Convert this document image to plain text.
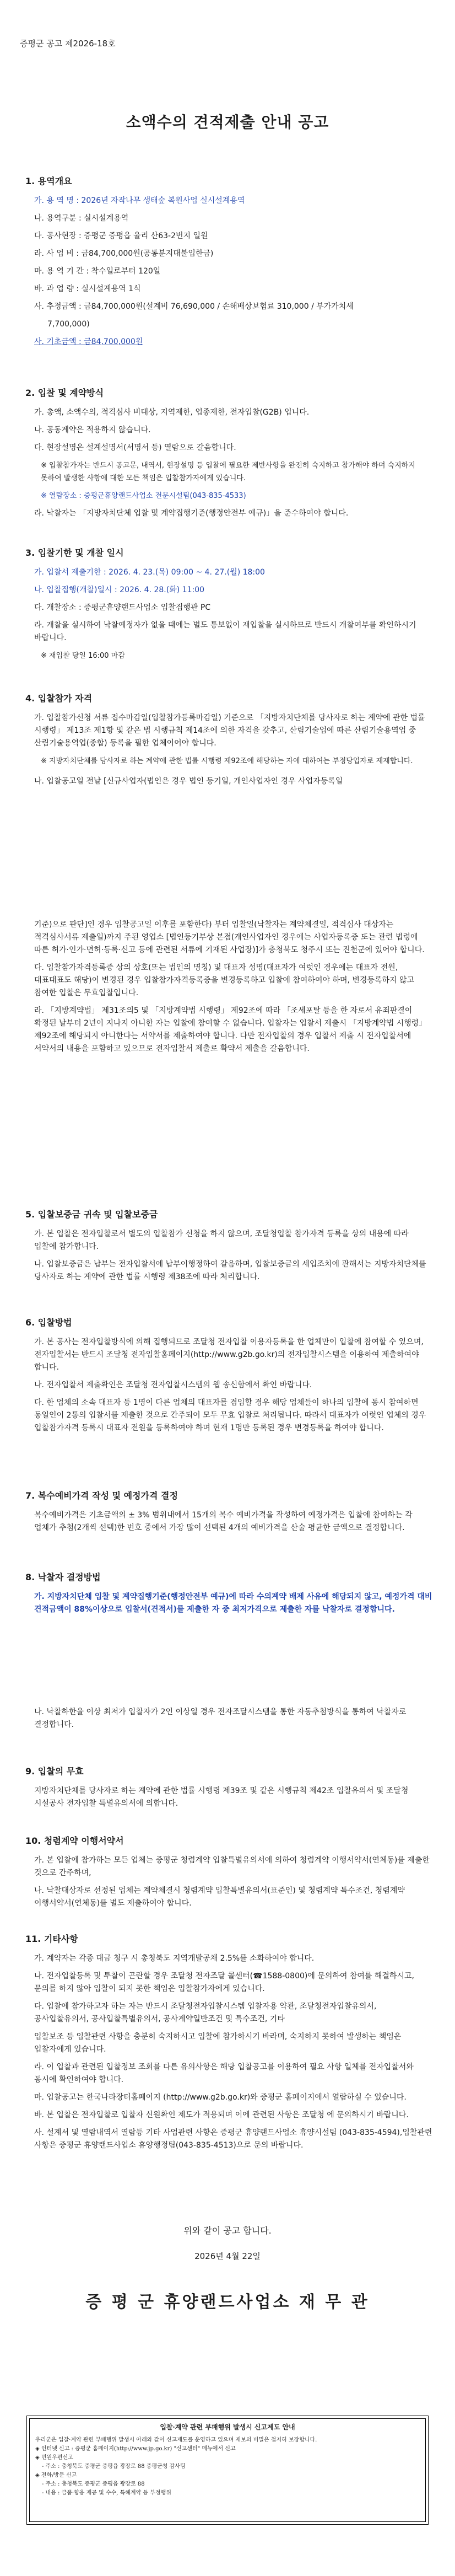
증평군 공고 제2026-18호
소액수의 견적제출 안내 공고
1. 용역개요

가. 용 역 명 : 2026년 자작나무 생태숲 복원사업 실시설계용역

나. 용역구분 : 실시설계용역

다. 공사현장 : 증평군 증평읍 율리 산63-2번지 일원

라. 사 업 비 : 금84,700,000원(공통분지대불입한금)

마. 용 역 기 간 : 착수일로부터 120일

바. 과 업 량 : 실시설계용역 1식

사. 추정금액 : 금84,700,000원(설계비 76,690,000 / 손해배상보험료 310,000 / 부가가치세

7,700,000)

사. 기초금액 : 금84,700,000원

2. 입찰 및 계약방식

가. 총액, 소액수의, 적격심사 비대상, 지역제한, 업종제한, 전자입찰(G2B) 입니다.

나. 공동계약은 적용하지 않습니다.

다. 현장설명은 설계설명서(서명서 등) 열람으로 갈음합니다.

※ 입찰참가자는 반드시 공고문, 내역서, 현장설명 등 입찰에 필요한 제반사항을 완전히 숙지하고 참가해야 하며 숙지하지 못하여 발생한 사항에 대한 모든 책임은 입찰참가자에게 있습니다.

※ 열람장소 : 증평군휴양랜드사업소 전문시설팀(043-835-4533)

라. 낙찰자는 「지방자치단체 입찰 및 계약집행기준(행정안전부 예규)」을 준수하여야 합니다.

3. 입찰기한 및 개찰 일시

가. 입찰서 제출기한 : 2026. 4. 23.(목) 09:00 ~ 4. 27.(월) 18:00

나. 입찰집행(개찰)일시 : 2026. 4. 28.(화) 11:00

다. 개찰장소 : 증평군휴양랜드사업소 입찰집행관 PC

라. 개찰을 실시하여 낙찰예정자가 없을 때에는 별도 통보없이 재입찰을 실시하므로 반드시 개찰여부를 확인하시기 바랍니다.

※ 재입찰 당일 16:00 마감

4. 입찰참가 자격

가. 입찰참가신청 서류 접수마감일(입찰참가등록마감일) 기준으로 「지방자치단체를 당사자로 하는 계약에 관한 법률 시행령」 제13조 제1항 및 같은 법 시행규칙 제14조에 의한 자격을 갖추고, 산림기술업에 따른 산림기술용역업 중 산림기술용역업(종합) 등록을 필한 업체이어야 합니다.

※ 지방자치단체를 당사자로 하는 계약에 관한 법률 시행령 제92조에 해당하는 자에 대하여는 부정당업자로 제재합니다.

나. 입찰공고일 전날 [신규사업자(법인은 경우 법인 등기일, 개인사업자인 경우 사업자등록일

기준)으로 판단]인 경우 입찰공고일 이후를 포함한다) 부터 입찰일(낙찰자는 계약체결일, 적격심사 대상자는 적격심사서류 제출일)까지 주된 영업소 [법인등기부상 본점(개인사업자인 경우에는 사업자등록증 또는 관련 법령에 따른 허가·인가·면허·등록·신고 등에 관련된 서류에 기재된 사업장)]가 충청북도 청주시 또는 진천군에 있어야 합니다.

다. 입찰참가자격등록증 상의 상호(또는 법인의 명칭) 및 대표자 성명(대표자가 여럿인 경우에는 대표자 전원, 대표대표도 해당)이 변경된 경우 입찰참가자격등록증을 변경등록하고 입찰에 참여하여야 하며, 변경등록하지 않고 참여한 입찰은 무효입찰입니다.

라. 「지방계약법」 제31조의5 및 「지방계약법 시행령」 제92조에 따라 「조세포탈 등을 한 자로서 유죄판결이 확정된 날부터 2년이 지나지 아니한 자는 입찰에 참여할 수 없습니다. 입찰자는 입찰서 제출시 「지방계약법 시행령」 제92조에 해당되지 아니한다는 서약서를 제출하여야 합니다. 다만 전자입찰의 경우 입찰서 제출 시 전자입찰서에 서약서의 내용을 포함하고 있으므로 전자입찰서 제출로 확약서 제출을 갈음합니다.

5. 입찰보증금 귀속 및 입찰보증금

가. 본 입찰은 전자입찰로서 별도의 입찰참가 신청을 하지 않으며, 조달청입찰 참가자격 등록을 상의 내용에 따라 입찰에 참가합니다.

나. 입찰보증금은 납부는 전자입찰서에 납부이행정하여 갈음하며, 입찰보증금의 세입조치에 관해서는 지방자치단체를 당사자로 하는 계약에 관한 법률 시행령 제38조에 따라 처리합니다.

6. 입찰방법

가. 본 공사는 전자입찰방식에 의해 집행되므로 조달청 전자입찰 이용자등록을 한 업체만이 입찰에 참여할 수 있으며, 전자입찰서는 반드시 조달청 전자입찰홈페이지(http://www.g2b.go.kr)의 전자입찰시스템을 이용하여 제출하여야 합니다.

나. 전자입찰서 제출확인은 조달청 전자입찰시스템의 웹 송신함에서 확인 바랍니다.

다. 한 업체의 소속 대표자 등 1명이 다른 업체의 대표자를 겸임할 경우 해당 업체들이 하나의 입찰에 동시 참여하면 동일인이 2통의 입찰서를 제출한 것으로 간주되어 모두 무효 입찰로 처리됩니다. 따라서 대표자가 여럿인 업체의 경우 입찰참가자격 등록시 대표자 전원을 등록하여야 하며 현재 1명만 등록된 경우 변경등록을 하여야 합니다.

7. 복수예비가격 작성 및 예정가격 결정

복수예비가격은 기초금액의 ± 3% 범위내에서 15개의 복수 예비가격을 작성하여 예정가격은 입찰에 참여하는 각 업체가 추첨(2개씩 선택)한 번호 중에서 가장 많이 선택된 4개의 예비가격을 산술 평균한 금액으로 결정합니다.

8. 낙찰자 결정방법

가. 지방자치단체 입찰 및 계약집행기준(행정안전부 예규)에 따라 수의계약 배제 사유에 해당되지 않고, 예정가격 대비 견적금액이 88%이상으로 입찰서(견적서)를 제출한 자 중 최저가격으로 제출한 자를 낙찰자로 결정합니다.

나. 낙찰하한율 이상 최저가 입찰자가 2인 이상일 경우 전자조달시스템을 통한 자동추첨방식을 통하여 낙찰자로 결정합니다.

9. 입찰의 무효

지방자치단체를 당사자로 하는 계약에 관한 법률 시행령 제39조 및 같은 시행규칙 제42조 입찰유의서 및 조달청 시설공사 전자입찰 특별유의서에 의합니다.

10. 청렴계약 이행서약서

가. 본 입찰에 참가하는 모든 업체는 증평군 청렴계약 입찰특별유의서에 의하여 청렴계약 이행서약서(연체동)를 제출한 것으로 간주하며,

나. 낙찰대상자로 선정된 업체는 계약체결시 청렴계약 입찰특별유의서(표준인) 및 청렴계약 특수조건, 청렴계약 이행서약서(연체동)를 별도 제출하여야 합니다.

11. 기타사항

가. 계약자는 각종 대금 청구 시 총청북도 지역개발공채 2.5%를 소화하여야 합니다.

나. 전자입찰등록 및 투찰이 곤란할 경우 조달청 전자조달 콜센터(☎1588-0800)에 문의하여 참여를 해결하시고, 문의를 하지 않아 입찰이 되지 못한 책임은 입찰참가자에게 있습니다.

다. 입찰에 참가하고자 하는 자는 반드시 조달청전자입찰시스템 입찰자용 약관, 조달청전자입찰유의서, 공사입찰유의서, 공사입찰특별유의서, 공사계약일반조건 및 특수조건, 기타

입찰보조 등 입찰관련 사항을 충분히 숙지하시고 입찰에 참가하시기 바라며, 숙지하지 못하여 발생하는 책임은 입찰자에게 있습니다.

라. 이 입찰과 관련된 입찰정보 조회를 다른 유의사항은 해당 입찰공고를 이용하여 필요 사항 일체를 전자입찰서와 동시에 확인하여야 합니다.

마. 입찰공고는 한국나라장터홈페이지 (http://www.g2b.go.kr)와 증평군 홈페이지에서 열람하실 수 있습니다.

바. 본 입찰은 전자입찰로 입찰자 신원확인 제도가 적용되며 이에 관련된 사항은 조달청 에 문의하시기 바랍니다.

사. 설계서 및 열람내역서 열람등 기타 사업관련 사항은 증평군 휴양랜드사업소 휴양시설팀 (043-835-4594),입찰관련 사항은 증평군 휴양랜드사업소 휴양행정팀(043-835-4513)으로 문의 바랍니다.

위와 같이 공고 합니다.
2026년 4월 22일
증 평 군 휴양랜드사업소 재 무 관
입찰·계약 관련 부패행위 발생시 신고제도 안내

우리군은 입찰·계약 관련 부패행위 발생시 아래와 같이 신고제도를 운영하고 있으며 제보의 비밀은 철저히 보장합니다.

◈ 인터넷 신고 : 증평군 홈페이지(http://www.jp.go.kr) "신고센터" 메뉴에서 신고

◈ 민원우편신고

- 주소 : 충청북도 증평군 증평읍 광장로 88 증평군청 감사팀

◈ 전화/방문 신고

- 주소 : 충청북도 증평군 증평읍 광장로 88

- 내용 : 금품·향응 제공 및 수수, 특혜계약 등 부정행위
